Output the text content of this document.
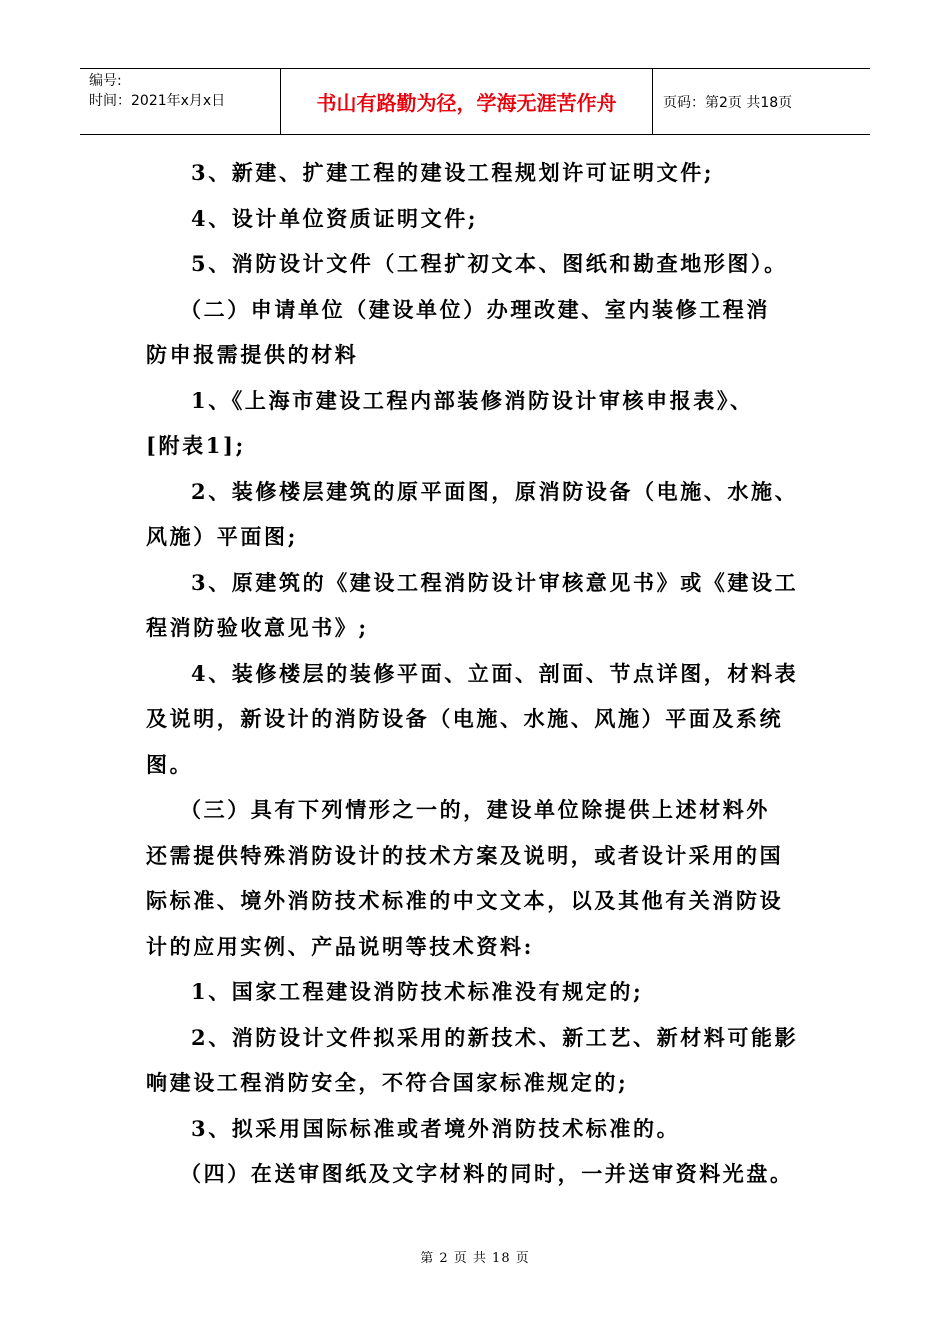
编号:
时间：2021年x月x日	书山有路勤为径，学海无涯苦作舟	页码：第2页 共18页

3、新建、扩建工程的建设工程规划许可证明文件;

4、设计单位资质证明文件;

5、消防设计文件（工程扩初文本、图纸和勘查地形图）。

（二）申请单位（建设单位）办理改建、室内装修工程消

防申报需提供的材料

1、《上海市建设工程内部装修消防设计审核申报表》、

[附表1];

2、装修楼层建筑的原平面图，原消防设备（电施、水施、

风施）平面图;

3、原建筑的《建设工程消防设计审核意见书》或《建设工

程消防验收意见书》;

4、装修楼层的装修平面、立面、剖面、节点详图，材料表

及说明，新设计的消防设备（电施、水施、风施）平面及系统

图。

（三）具有下列情形之一的，建设单位除提供上述材料外

还需提供特殊消防设计的技术方案及说明，或者设计采用的国

际标准、境外消防技术标准的中文文本，以及其他有关消防设

计的应用实例、产品说明等技术资料:

1、国家工程建设消防技术标准没有规定的;

2、消防设计文件拟采用的新技术、新工艺、新材料可能影

响建设工程消防安全，不符合国家标准规定的;

3、拟采用国际标准或者境外消防技术标准的。

（四）在送审图纸及文字材料的同时，一并送审资料光盘。

第 2 页 共 18 页
